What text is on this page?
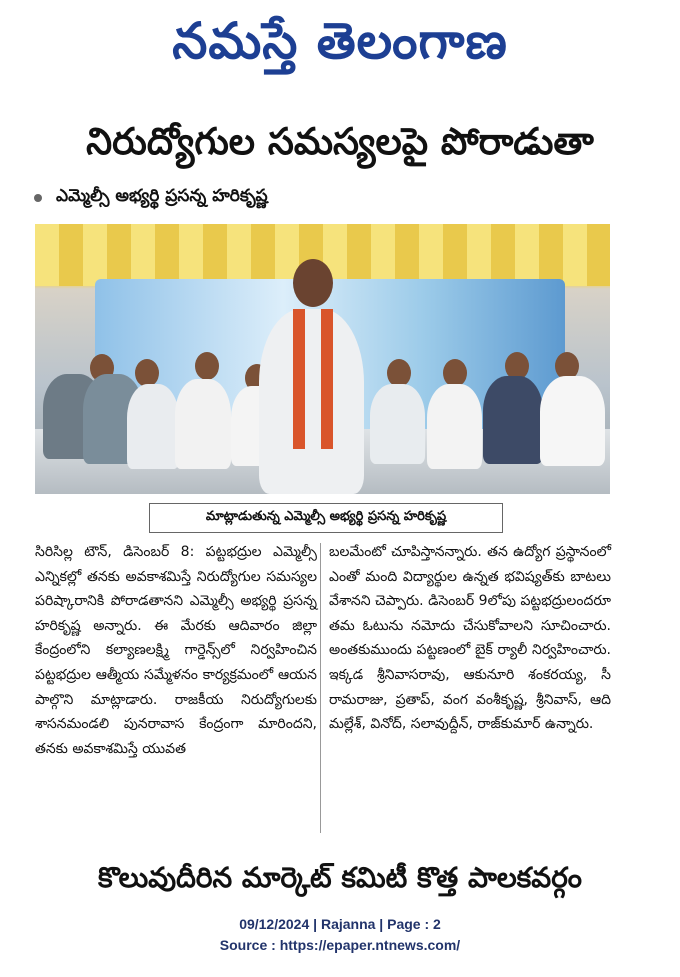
నమస్తే తెలంగాణ
నిరుద్యోగుల సమస్యలపై పోరాడుతా
ఎమ్మెల్సీ అభ్యర్థి ప్రసన్న హరికృష్ణ
మాట్లాడుతున్న ఎమ్మెల్సీ అభ్యర్థి ప్రసన్న హరికృష్ణ

సిరిసిల్ల టౌన్, డిసెంబర్ 8: పట్టభద్రుల ఎమ్మెల్సీ ఎన్నికల్లో తనకు అవకాశమిస్తే నిరుద్యోగుల సమస్యల పరిష్కారానికి పోరాడతానని ఎమ్మెల్సీ అభ్యర్థి ప్రసన్న హరికృష్ణ అన్నారు. ఈ మేరకు ఆదివారం జిల్లా కేంద్రంలోని కల్యాణలక్ష్మి గార్డెన్స్‌లో నిర్వహించిన పట్టభద్రుల ఆత్మీయ సమ్మేళనం కార్యక్రమంలో ఆయన పాల్గొని మాట్లాడారు. రాజకీయ నిరుద్యోగులకు శాసనమండలి పునరావాస కేంద్రంగా మారిందని, తనకు అవకాశమిస్తే యువత

బలమేంటో చూపిస్తానన్నారు. తన ఉద్యోగ ప్రస్థానంలో ఎంతో మంది విద్యార్థుల ఉన్నత భవిష్యత్‌కు బాటలు వేశానని చెప్పారు. డిసెంబర్ 9లోపు పట్టభద్రులందరూ తమ ఓటును నమోదు చేసుకోవాలని సూచించారు. అంతకుముందు పట్టణంలో బైక్ ర్యాలీ నిర్వహించారు. ఇక్కడ శ్రీనివాసరావు, ఆకునూరి శంకరయ్య, సీ రామరాజు, ప్రతాప్, వంగ వంశీకృష్ణ, శ్రీనివాస్, ఆది మల్లేశ్, వినోద్, సలావుద్దీన్, రాజ్‌కుమార్ ఉన్నారు.

కొలువుదీరిన మార్కెట్ కమిటీ కొత్త పాలకవర్గం
09/12/2024 | Rajanna | Page : 2
Source : https://epaper.ntnews.com/
